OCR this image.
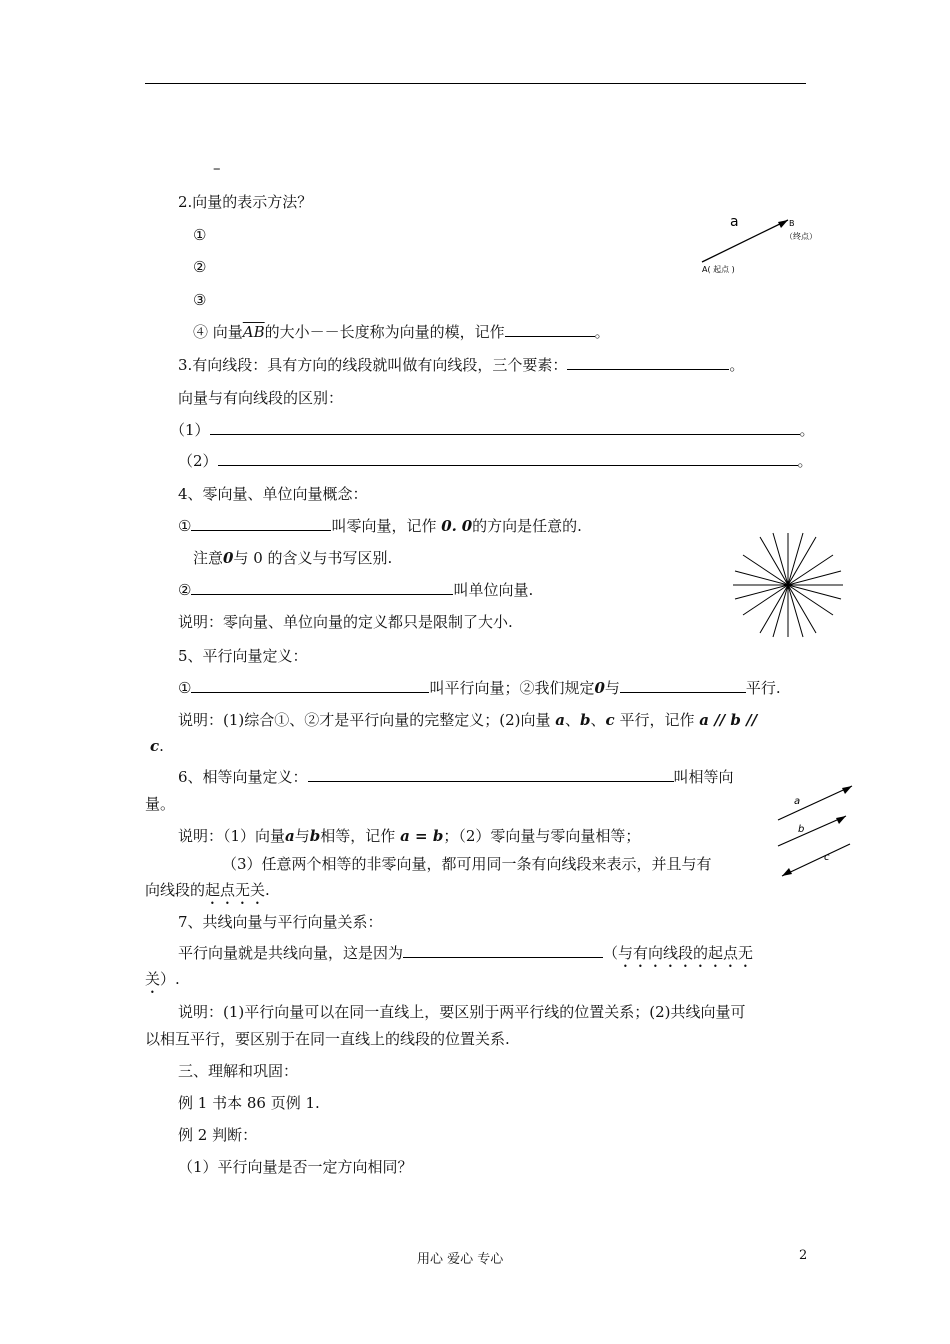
–
2.向量的表示方法？
①
②
③
④ 向量$\overline{AB}$的大小－－长度称为向量的模，记作	。
a	B
（终点）
A( 起点 )
3.有向线段：具有方向的线段就叫做有向线段，三个要素：	。
向量与有向线段的区别：
（1）	。
（2）	。
4、零向量、单位向量概念：
①	叫零向量，记作 0. 0的方向是任意的.
注意0与 0 的含义与书写区别.
②	叫单位向量.
说明：零向量、单位向量的定义都只是限制了大小.
5、平行向量定义：
①	叫平行向量；②我们规定0与	平行.
说明：(1)综合①、②才是平行向量的完整定义；(2)向量 a、b、c 平行，记作 a // b //
c.
6、相等向量定义：	叫相等向
量。
说明：（1）向量a与b相等，记作 a = b；（2）零向量与零向量相等；
（3）任意两个相等的非零向量，都可用同一条有向线段来表示，并且与有
向线段的起点无关.
a
b
c
7、共线向量与平行向量关系：
平行向量就是共线向量，这是因为	（与有向线段的起点无
关）.
说明：(1)平行向量可以在同一直线上，要区别于两平行线的位置关系；(2)共线向量可
以相互平行，要区别于在同一直线上的线段的位置关系.
三、理解和巩固：
例 1 书本 86 页例 1.
例 2 判断：
（1）平行向量是否一定方向相同？
用心 爱心 专心	2
